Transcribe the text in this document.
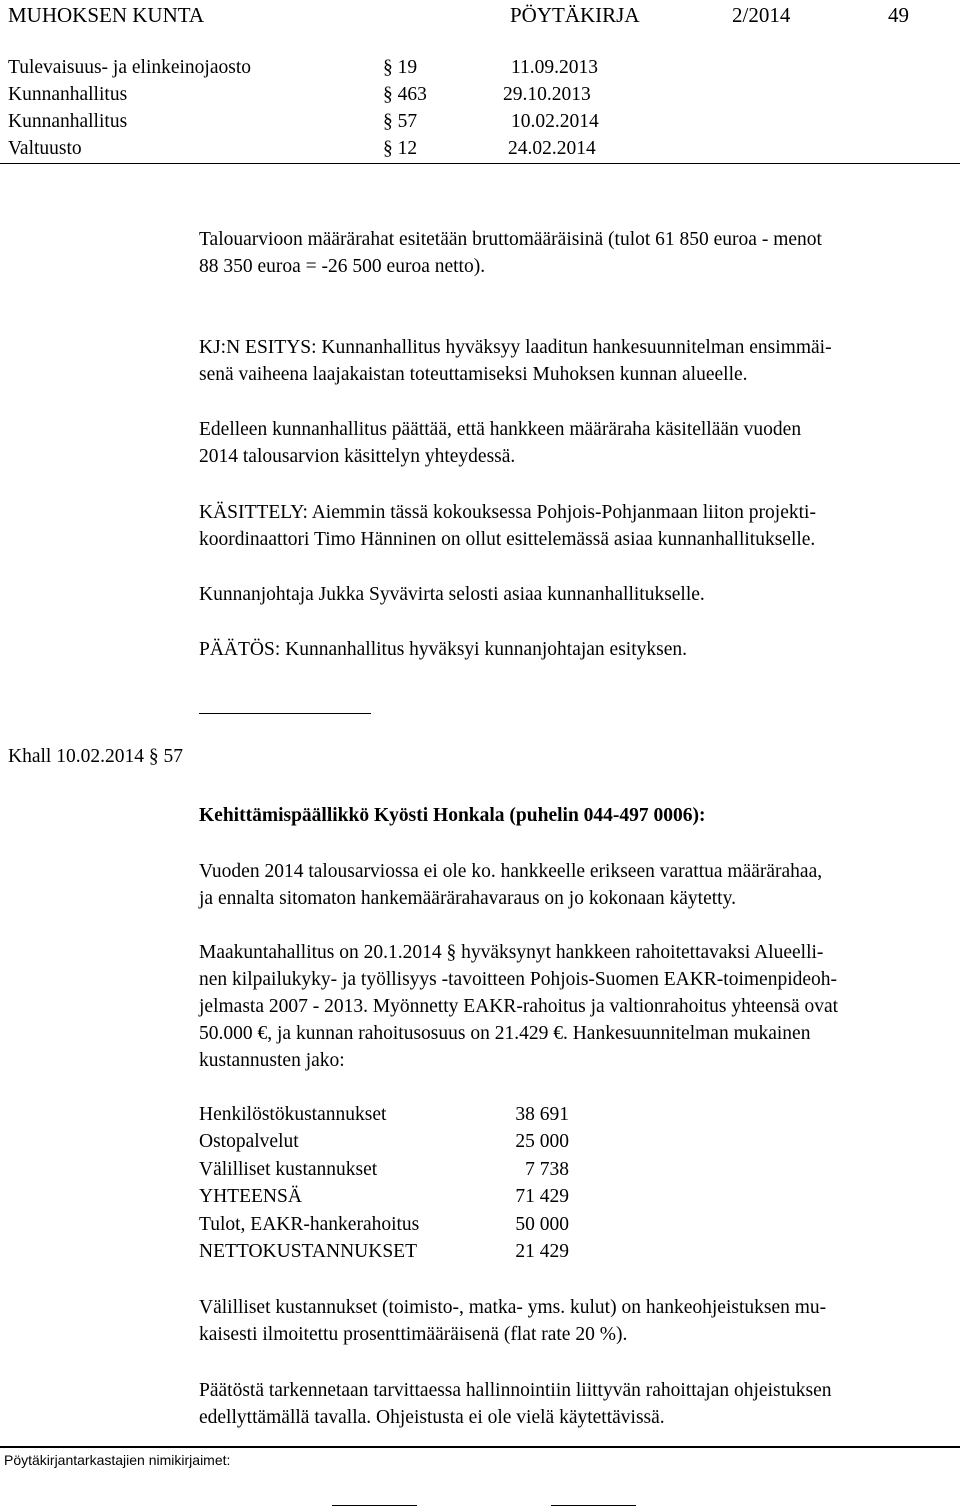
MUHOKSEN KUNTA	PÖYTÄKIRJA	2/2014	49
Tulevaisuus- ja elinkeinojaosto	§ 19	11.09.2013
Kunnanhallitus	§ 463	29.10.2013
Kunnanhallitus	§ 57	10.02.2014
Valtuusto	§ 12	24.02.2014
Talouarvioon määrärahat esitetään bruttomääräisinä (tulot 61 850 euroa - menot
88 350 euroa = -26 500 euroa netto).
KJ:N ESITYS: Kunnanhallitus hyväksyy laaditun hankesuunnitelman ensimmäi-
senä vaiheena laajakaistan toteuttamiseksi Muhoksen kunnan alueelle.
Edelleen kunnanhallitus päättää, että hankkeen määräraha käsitellään vuoden
2014 talousarvion käsittelyn yhteydessä.
KÄSITTELY: Aiemmin tässä kokouksessa Pohjois-Pohjanmaan liiton projekti-
koordinaattori Timo Hänninen on ollut esittelemässä asiaa kunnanhallitukselle.
Kunnanjohtaja Jukka Syvävirta selosti asiaa kunnanhallitukselle.
PÄÄTÖS: Kunnanhallitus hyväksyi kunnanjohtajan esityksen.
Khall 10.02.2014 § 57
Kehittämispäällikkö Kyösti Honkala (puhelin 044-497 0006):
Vuoden 2014 talousarviossa ei ole ko. hankkeelle erikseen varattua määrärahaa,
ja ennalta sitomaton hankemäärärahavaraus on jo kokonaan käytetty.
Maakuntahallitus on 20.1.2014 § hyväksynyt hankkeen rahoitettavaksi Alueelli-
nen kilpailukyky- ja työllisyys -tavoitteen Pohjois-Suomen EAKR-toimenpideoh-
jelmasta 2007 - 2013. Myönnetty EAKR-rahoitus ja valtionrahoitus yhteensä ovat
50.000 €, ja kunnan rahoitusosuus on 21.429 €. Hankesuunnitelman mukainen
kustannusten jako:
Henkilöstökustannukset	38 691
Ostopalvelut	25 000
Välilliset kustannukset	7 738
YHTEENSÄ	71 429
Tulot, EAKR-hankerahoitus	50 000
NETTOKUSTANNUKSET	21 429
Välilliset kustannukset (toimisto-, matka- yms. kulut) on hankeohjeistuksen mu-
kaisesti ilmoitettu prosenttimääräisenä (flat rate 20 %).
Päätöstä tarkennetaan tarvittaessa hallinnointiin liittyvän rahoittajan ohjeistuksen
edellyttämällä tavalla. Ohjeistusta ei ole vielä käytettävissä.
Pöytäkirjantarkastajien nimikirjaimet:
